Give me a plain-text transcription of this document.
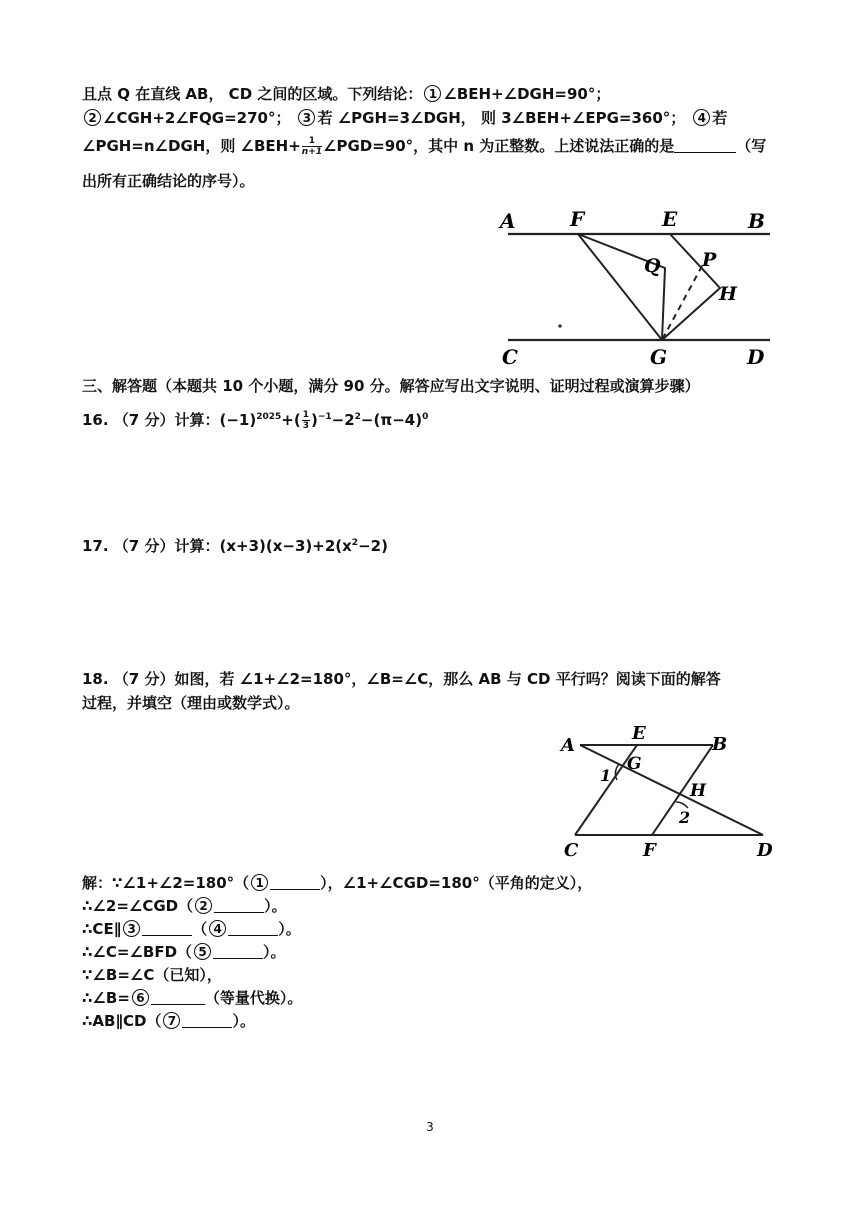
且点 Q 在直线 AB， CD 之间的区域。下列结论： 1 ∠BEH+∠DGH=90°；
2 ∠CGH+2∠FQG=270°； 3 若 ∠PGH=3∠DGH， 则 3∠BEH+∠EPG=360°； 4 若
∠PGH=n∠DGH，则 ∠BEH+ $\frac{1}{n+1}$ ∠PGD=90°，其中 n 为正整数。上述说法正确的是	（写
出所有正确结论的序号）。
A	F	E	B
Q P
H
C	G	D
三、解答题（本题共 10 个小题，满分 90 分。解答应写出文字说明、证明过程或演算步骤）
16. （7 分）计算：$(-1)^{2025}+( \frac{1}{3} )^{-1}-2^2-(\pi-4)^0$
17. （7 分）计算：$(x+3)(x-3)+2(x^2-2)$
18. （7 分）如图，若 ∠1+∠2=180°，∠B=∠C，那么 AB 与 CD 平行吗？阅读下面的解答
过程，并填空（理由或数学式）。
A
E
B
G
1
H
2
C	F	D
解：∵∠1+∠2=180°（ 1	），∠1+∠CGD=180°（平角的定义），
∴∠2=∠CGD（ 2	）。
∴CE∥ 3	（ 4	）。
∴∠C=∠BFD（ 5	）。
∵∠B=∠C（已知），
∴∠B= 6	（等量代换）。
∴AB∥CD（ 7	）。
3
